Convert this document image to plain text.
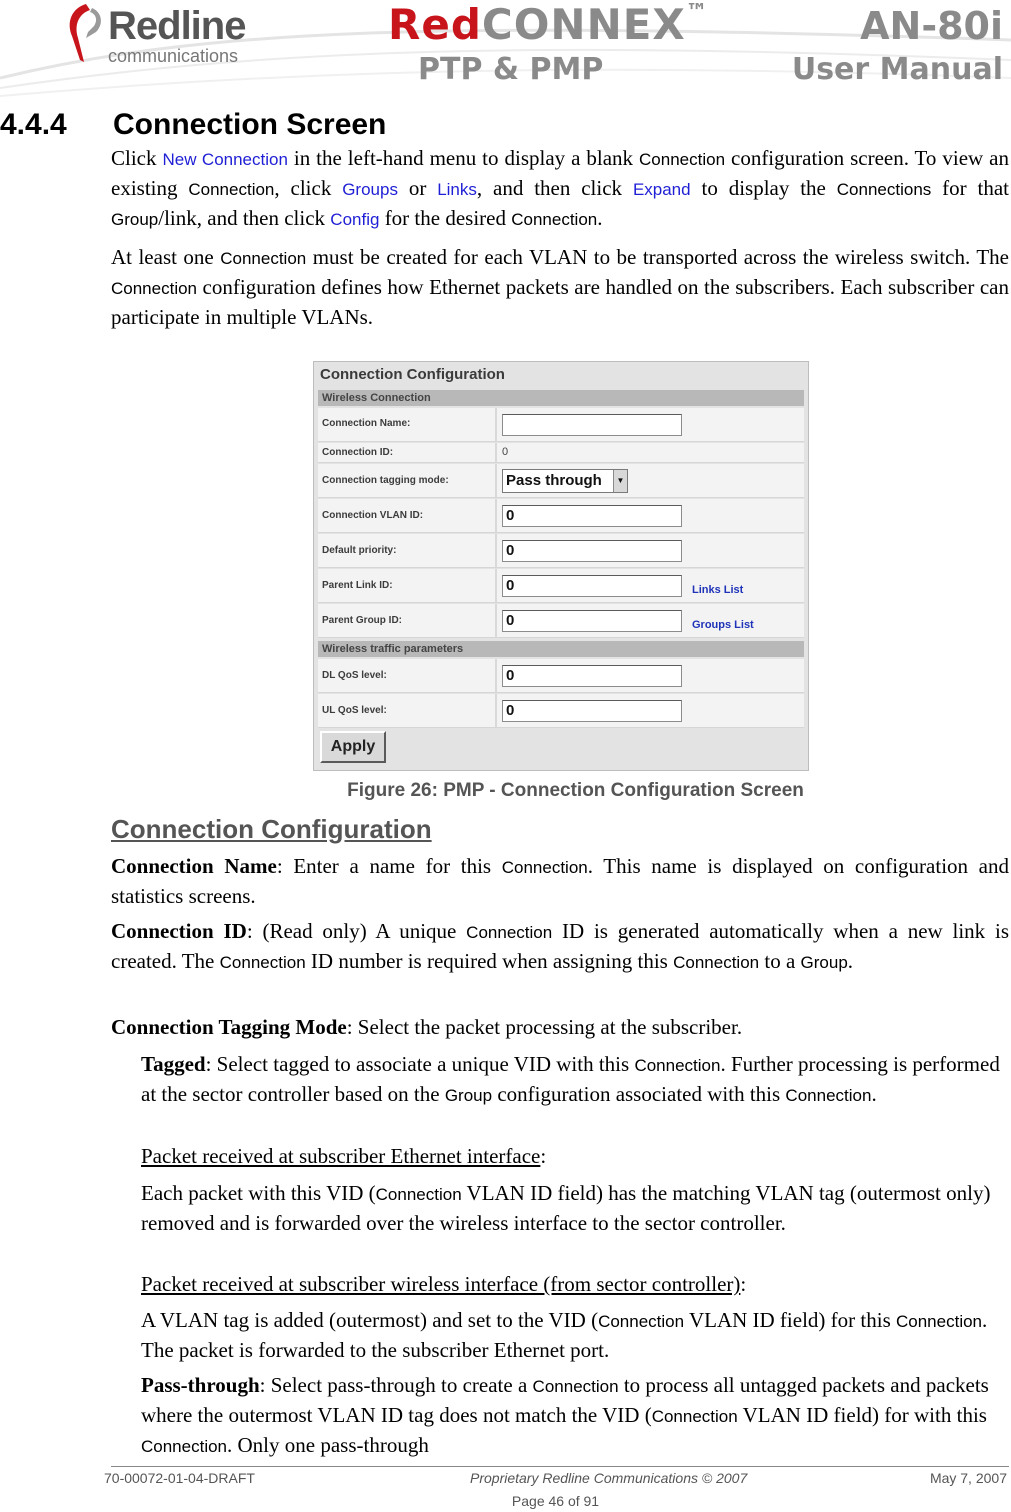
Redline
communications
RedCONNEX™	AN-80i
PTP & PMP	User Manual
4.4.4 Connection Screen
Click New Connection in the left-hand menu to display a blank Connection configuration screen. To view an existing Connection, click Groups or Links, and then click Expand to display the Connections for that Group/link, and then click Config for the desired Connection.
At least one Connection must be created for each VLAN to be transported across the wireless switch. The Connection configuration defines how Ethernet packets are handled on the subscribers. Each subscriber can participate in multiple VLANs.
Connection Configuration
Wireless Connection
Connection Name:
Connection ID:	0
Connection tagging mode:	Pass through	▼
Connection VLAN ID:	0
Default priority:	0
Parent Link ID:	0	Links List
Parent Group ID:	0	Groups List
Wireless traffic parameters
DL QoS level:	0
UL QoS level:	0
Apply
Figure 26: PMP - Connection Configuration Screen
Connection Configuration
Connection Name: Enter a name for this Connection. This name is displayed on configuration and statistics screens.
Connection ID: (Read only) A unique Connection ID is generated automatically when a new link is created. The Connection ID number is required when assigning this Connection to a Group.
Connection Tagging Mode: Select the packet processing at the subscriber.
Tagged: Select tagged to associate a unique VID with this Connection. Further processing is performed at the sector controller based on the Group configuration associated with this Connection.
Packet received at subscriber Ethernet interface:
Each packet with this VID (Connection VLAN ID field) has the matching VLAN tag (outermost only) removed and is forwarded over the wireless interface to the sector controller.
Packet received at subscriber wireless interface (from sector controller):
A VLAN tag is added (outermost) and set to the VID (Connection VLAN ID field) for this Connection. The packet is forwarded to the subscriber Ethernet port.
Pass-through: Select pass-through to create a Connection to process all untagged packets and packets where the outermost VLAN ID tag does not match the VID (Connection VLAN ID field) for with this Connection. Only one pass-through
70-00072-01-04-DRAFT	Proprietary Redline Communications © 2007	May 7, 2007
Page 46 of 91
